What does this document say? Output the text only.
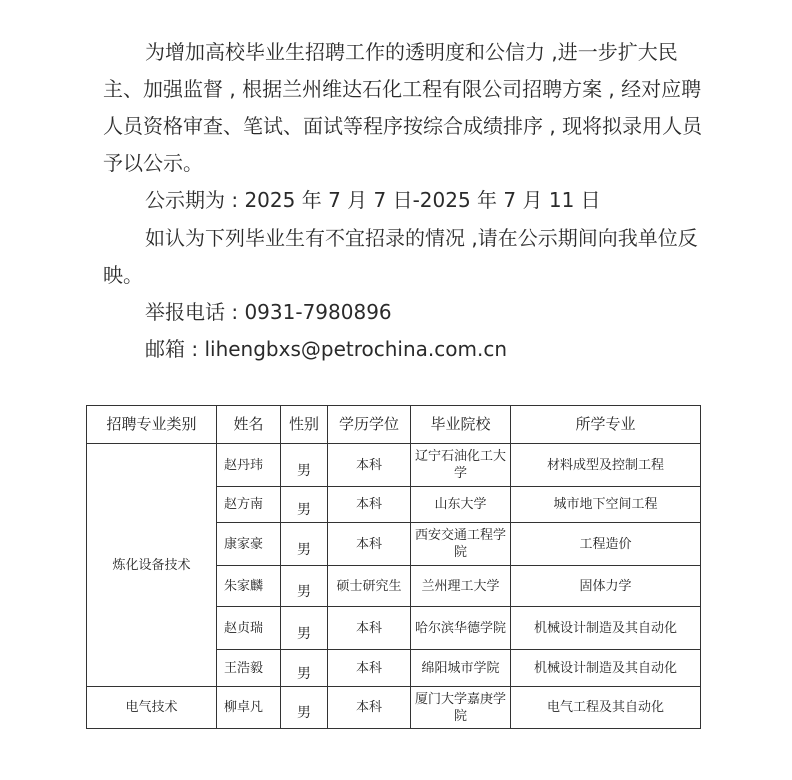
为增加高校毕业生招聘工作的透明度和公信力 ,进一步扩大民主、加强监督 , 根据兰州维达石化工程有限公司招聘方案 , 经对应聘人员资格审查、笔试、面试等程序按综合成绩排序 , 现将拟录用人员予以公示。
公示期为 : 2025 年 7 月 7 日-2025 年 7 月 11 日
如认为下列毕业生有不宜招录的情况 ,请在公示期间向我单位反映。
举报电话 : 0931-7980896
邮箱 : lihengbxs@petrochina.com.cn
招聘专业类别	姓名	性别	学历学位	毕业院校	所学专业
炼化设备技术	赵丹玮	男	本科	辽宁石油化工大学	材料成型及控制工程
	赵方南	男	本科	山东大学	城市地下空间工程
	康家豪	男	本科	西安交通工程学院	工程造价
	朱家麟	男	硕士研究生	兰州理工大学	固体力学
	赵贞瑞	男	本科	哈尔滨华德学院	机械设计制造及其自动化
	王浩毅	男	本科	绵阳城市学院	机械设计制造及其自动化
电气技术	柳卓凡	男	本科	厦门大学嘉庚学院	电气工程及其自动化
